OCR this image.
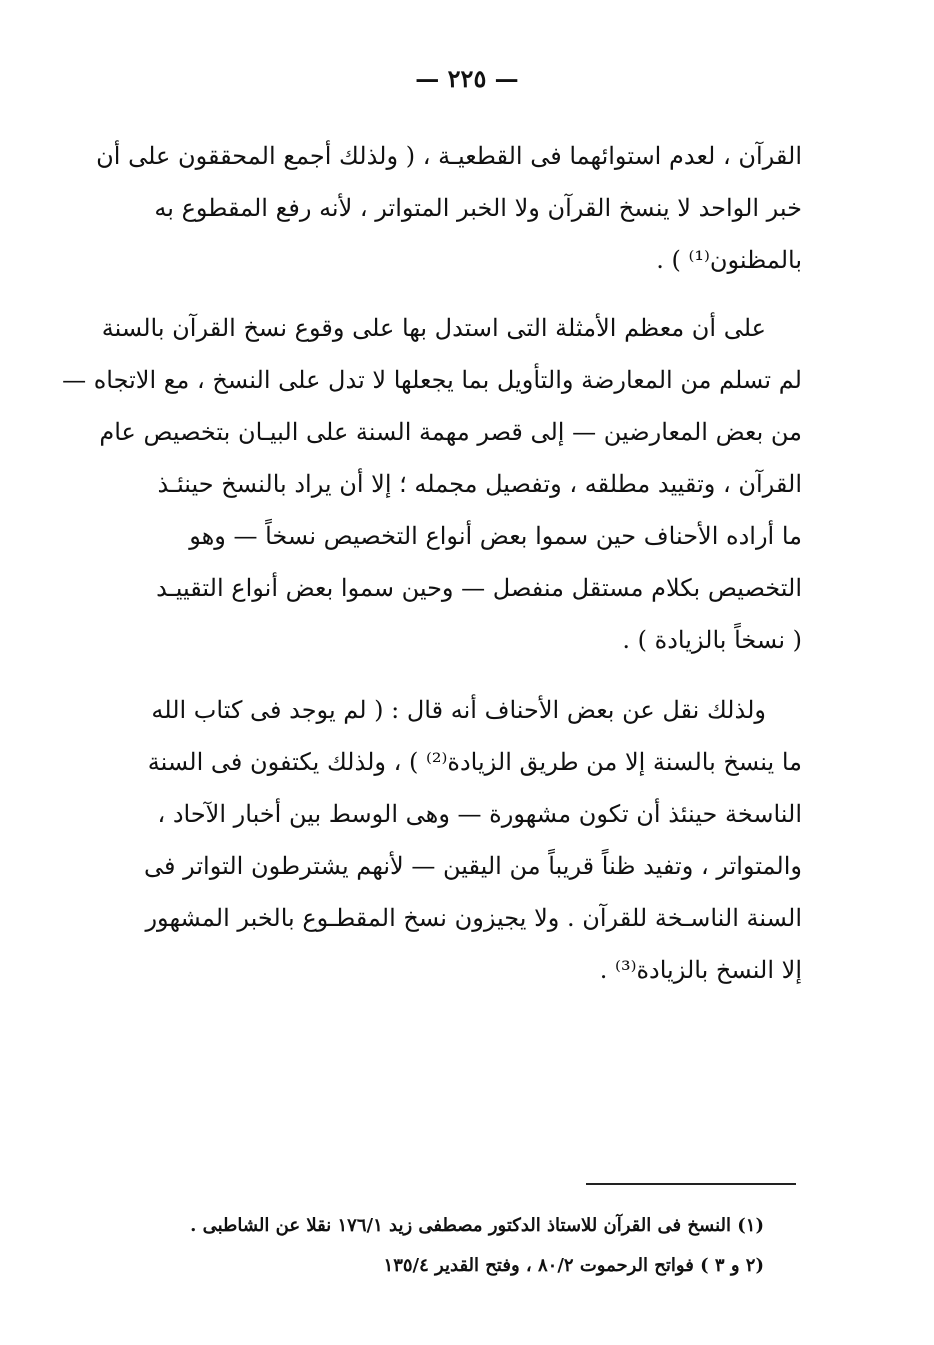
— ٢٢٥ —
القرآن ، لعدم استوائهما فى القطعيـة ، ( ولذلك أجمع المحققون على أن
خبر الواحد لا ينسخ القرآن ولا الخبر المتواتر ، لأنه رفع المقطوع به
بالمظنون⁽¹⁾ ) .
على أن معظم الأمثلة التى استدل بها على وقوع نسخ القرآن بالسنة
لم تسلم من المعارضة والتأويل بما يجعلها لا تدل على النسخ ، مع الاتجاه —
من بعض المعارضين — إلى قصر مهمة السنة على البيـان بتخصيص عام
القرآن ، وتقييد مطلقه ، وتفصيل مجمله ؛ إلا أن يراد بالنسخ حينئـذ
ما أراده الأحناف حين سموا بعض أنواع التخصيص نسخاً — وهو
التخصيص بكلام مستقل منفصل — وحين سموا بعض أنواع التقييـد
( نسخاً بالزيادة ) .
ولذلك نقل عن بعض الأحناف أنه قال : ( لم يوجد فى كتاب الله
ما ينسخ بالسنة إلا من طريق الزيادة⁽²⁾ ) ، ولذلك يكتفون فى السنة
الناسخة حينئذ أن تكون مشهورة — وهى الوسط بين أخبار الآحاد ،
والمتواتر ، وتفيد ظناً قريباً من اليقين — لأنهم يشترطون التواتر فى
السنة الناسـخة للقرآن . ولا يجيزون نسخ المقطـوع بالخبر المشهور
إلا النسخ بالزيادة⁽³⁾ .
(١) النسخ فى القرآن للاستاذ الدكتور مصطفى زيد ١٧٦/١ نقلا عن الشاطبى .
(٢ و ٣ ) فواتح الرحموت ٨٠/٢ ، وفتح القدير ١٣٥/٤
